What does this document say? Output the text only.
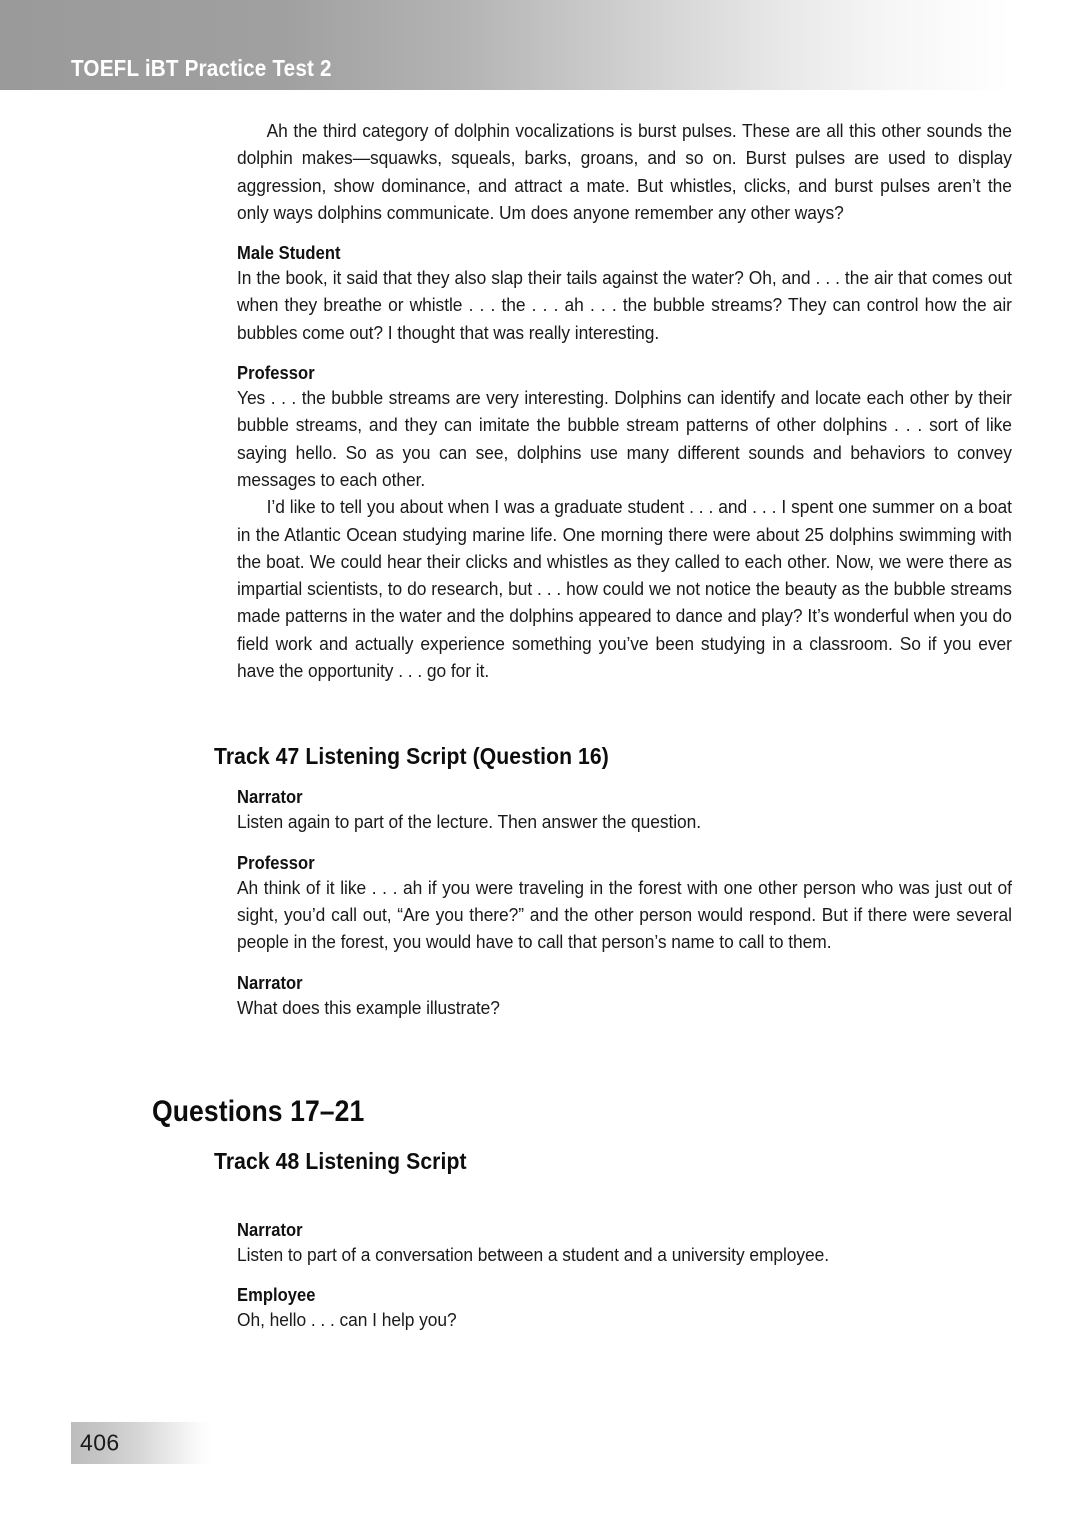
TOEFL iBT Practice Test 2

Ah the third category of dolphin vocalizations is burst pulses. These are all this other sounds the dolphin makes—squawks, squeals, barks, groans, and so on. Burst pulses are used to display aggression, show dominance, and attract a mate. But whistles, clicks, and burst pulses aren’t the only ways dolphins communicate. Um does anyone remember any other ways?

Male Student

In the book, it said that they also slap their tails against the water? Oh, and . . . the air that comes out when they breathe or whistle . . . the . . . ah . . . the bubble streams? They can control how the air bubbles come out? I thought that was really interesting.

Professor

Yes . . . the bubble streams are very interesting. Dolphins can identify and locate each other by their bubble streams, and they can imitate the bubble stream patterns of other dolphins . . . sort of like saying hello. So as you can see, dolphins use many different sounds and behaviors to convey messages to each other.

I’d like to tell you about when I was a graduate student . . . and . . . I spent one summer on a boat in the Atlantic Ocean studying marine life. One morning there were about 25 dolphins swimming with the boat. We could hear their clicks and whistles as they called to each other. Now, we were there as impartial scientists, to do research, but . . . how could we not notice the beauty as the bubble streams made patterns in the water and the dolphins appeared to dance and play? It’s wonderful when you do field work and actually experience something you’ve been studying in a classroom. So if you ever have the opportunity . . . go for it.

Track 47 Listening Script (Question 16)
Narrator

Listen again to part of the lecture. Then answer the question.

Professor

Ah think of it like . . . ah if you were traveling in the forest with one other person who was just out of sight, you’d call out, “Are you there?” and the other person would respond. But if there were several people in the forest, you would have to call that person’s name to call to them.

Narrator

What does this example illustrate?

Questions 17–21
Track 48 Listening Script
Narrator

Listen to part of a conversation between a student and a university employee.

Employee

Oh, hello . . . can I help you?

406
